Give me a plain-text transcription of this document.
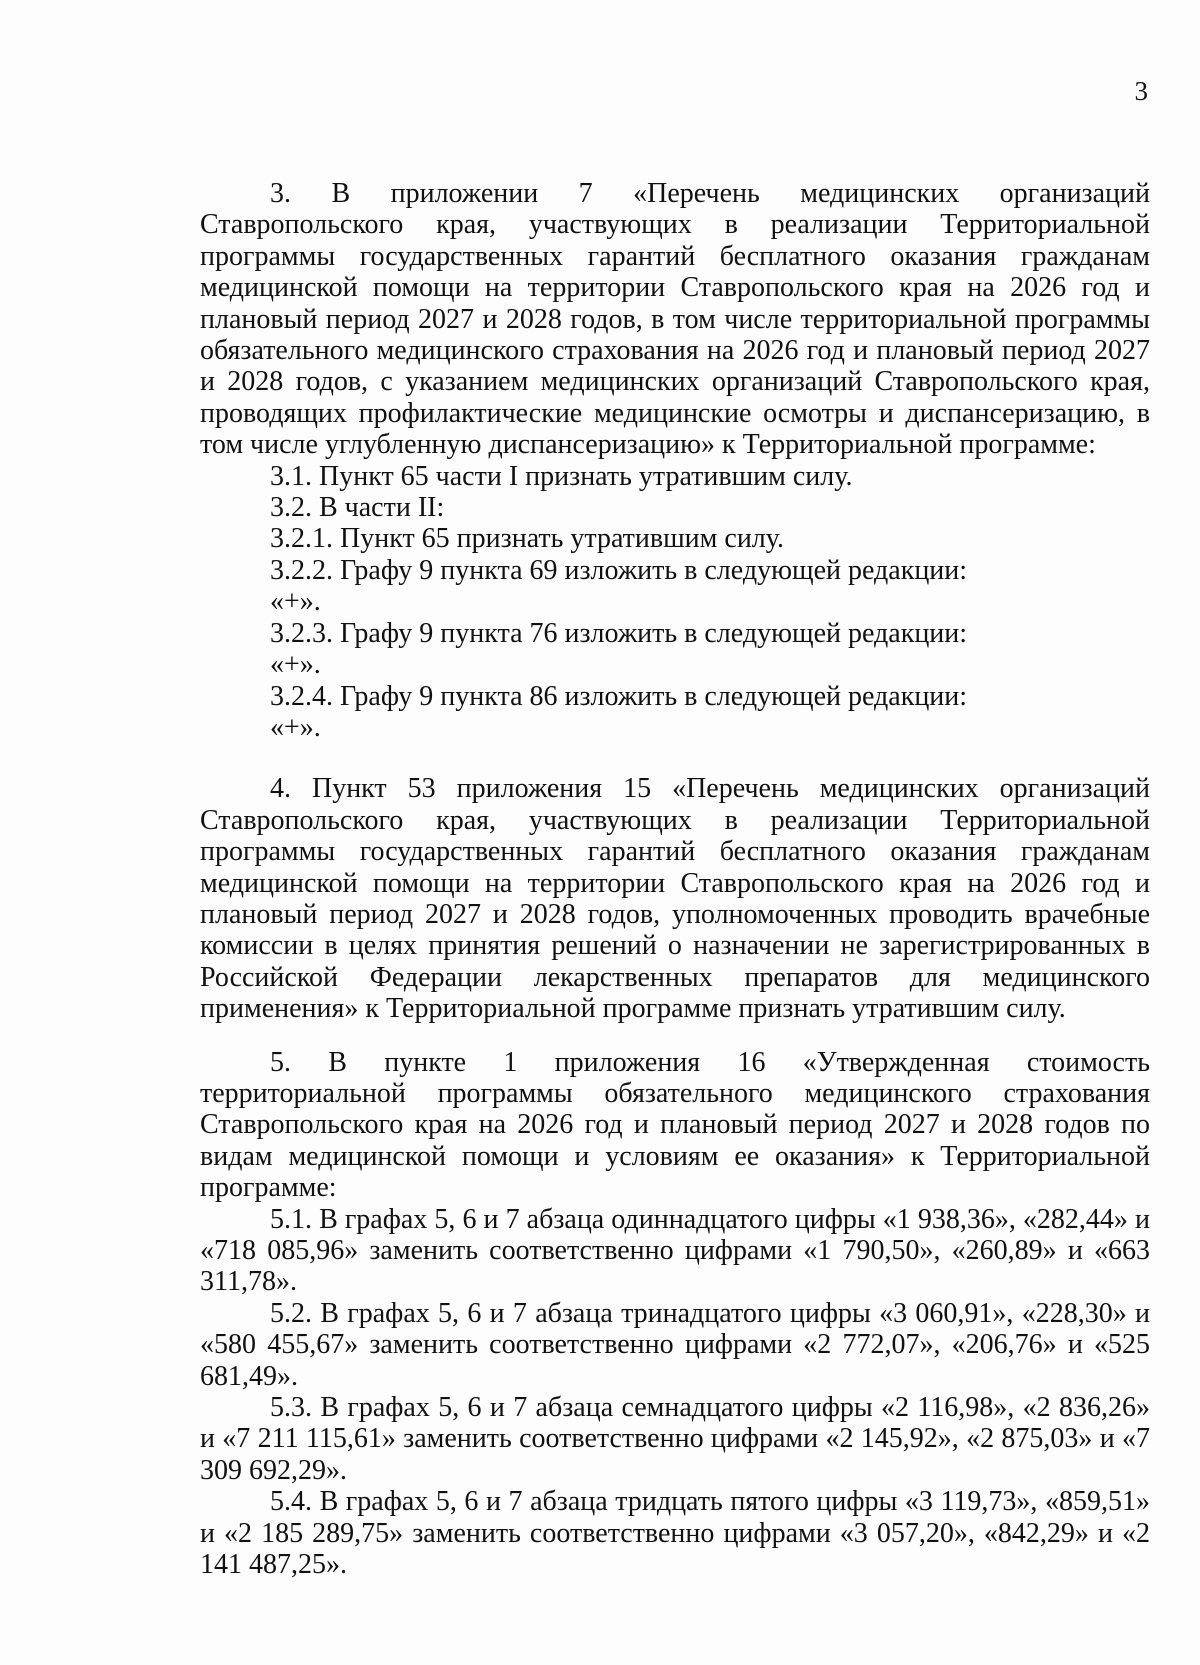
3

3. В приложении 7 «Перечень медицинских организаций Ставропольского края, участвующих в реализации Территориальной программы государственных гарантий бесплатного оказания гражданам медицинской помощи на территории Ставропольского края на 2026 год и плановый период 2027 и 2028 годов, в том числе территориальной программы обязательного медицинского страхования на 2026 год и плановый период 2027 и 2028 годов, с указанием медицинских организаций Ставропольского края, проводящих профилактические медицинские осмотры и диспансеризацию, в том числе углубленную диспансеризацию» к Территориальной программе:

3.1. Пункт 65 части I признать утратившим силу.

3.2. В части II:

3.2.1. Пункт 65 признать утратившим силу.

3.2.2. Графу 9 пункта 69 изложить в следующей редакции:

«+».

3.2.3. Графу 9 пункта 76 изложить в следующей редакции:

«+».

3.2.4. Графу 9 пункта 86 изложить в следующей редакции:

«+».

4. Пункт 53 приложения 15 «Перечень медицинских организаций Ставропольского края, участвующих в реализации Территориальной программы государственных гарантий бесплатного оказания гражданам медицинской помощи на территории Ставропольского края на 2026 год и плановый период 2027 и 2028 годов, уполномоченных проводить врачебные комиссии в целях принятия решений о назначении не зарегистрированных в Российской Федерации лекарственных препаратов для медицинского применения» к Территориальной программе признать утратившим силу.

5. В пункте 1 приложения 16 «Утвержденная стоимость территориальной программы обязательного медицинского страхования Ставропольского края на 2026 год и плановый период 2027 и 2028 годов по видам медицинской помощи и условиям ее оказания» к Территориальной программе:

5.1. В графах 5, 6 и 7 абзаца одиннадцатого цифры «1 938,36», «282,44» и «718 085,96» заменить соответственно цифрами «1 790,50», «260,89» и «663 311,78».

5.2. В графах 5, 6 и 7 абзаца тринадцатого цифры «3 060,91», «228,30» и «580 455,67» заменить соответственно цифрами «2 772,07», «206,76» и «525 681,49».

5.3. В графах 5, 6 и 7 абзаца семнадцатого цифры «2 116,98», «2 836,26» и «7 211 115,61» заменить соответственно цифрами «2 145,92», «2 875,03» и «7 309 692,29».

5.4. В графах 5, 6 и 7 абзаца тридцать пятого цифры «3 119,73», «859,51» и «2 185 289,75» заменить соответственно цифрами «3 057,20», «842,29» и «2 141 487,25».
